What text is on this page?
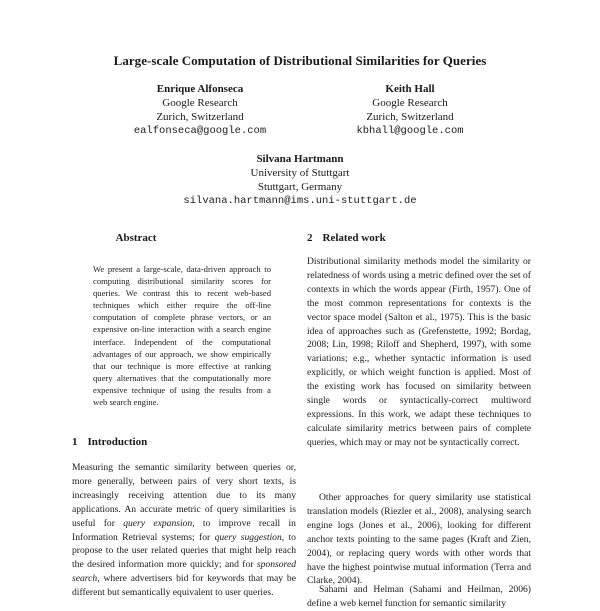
Large-scale Computation of Distributional Similarities for Queries
Enrique Alfonseca
Google Research
Zurich, Switzerland
ealfonseca@google.com
Keith Hall
Google Research
Zurich, Switzerland
kbhall@google.com
Silvana Hartmann
University of Stuttgart
Stuttgart, Germany
silvana.hartmann@ims.uni-stuttgart.de
Abstract
We present a large-scale, data-driven approach to computing distributional similarity scores for queries. We contrast this to recent web-based techniques which either require the off-line computation of complete phrase vectors, or an expensive on-line interaction with a search engine interface. Independent of the computational advantages of our approach, we show empirically that our technique is more effective at ranking query alternatives that the computationally more expensive technique of using the results from a web search engine.
1 Introduction
Measuring the semantic similarity between queries or, more generally, between pairs of very short texts, is increasingly receiving attention due to its many applications. An accurate metric of query similarities is useful for query expansion, to improve recall in Information Retrieval systems; for query suggestion, to propose to the user related queries that might help reach the desired information more quickly; and for sponsored search, where advertisers bid for keywords that may be different but semantically equivalent to user queries.
2 Related work
Distributional similarity methods model the similarity or relatedness of words using a metric defined over the set of contexts in which the words appear (Firth, 1957). One of the most common representations for contexts is the vector space model (Salton et al., 1975). This is the basic idea of approaches such as (Grefenstette, 1992; Bordag, 2008; Lin, 1998; Riloff and Shepherd, 1997), with some variations; e.g., whether syntactic information is used explicitly, or which weight function is applied. Most of the existing work has focused on similarity between single words or syntactically-correct multiword expressions. In this work, we adapt these techniques to calculate similarity metrics between pairs of complete queries, which may or may not be syntactically correct.
Other approaches for query similarity use statistical translation models (Riezler et al., 2008), analysing search engine logs (Jones et al., 2006), looking for different anchor texts pointing to the same pages (Kraft and Zien, 2004), or replacing query words with other words that have the highest pointwise mutual information (Terra and Clarke, 2004).
Sahami and Helman (Sahami and Heilman, 2006) define a web kernel function for semantic similarity
